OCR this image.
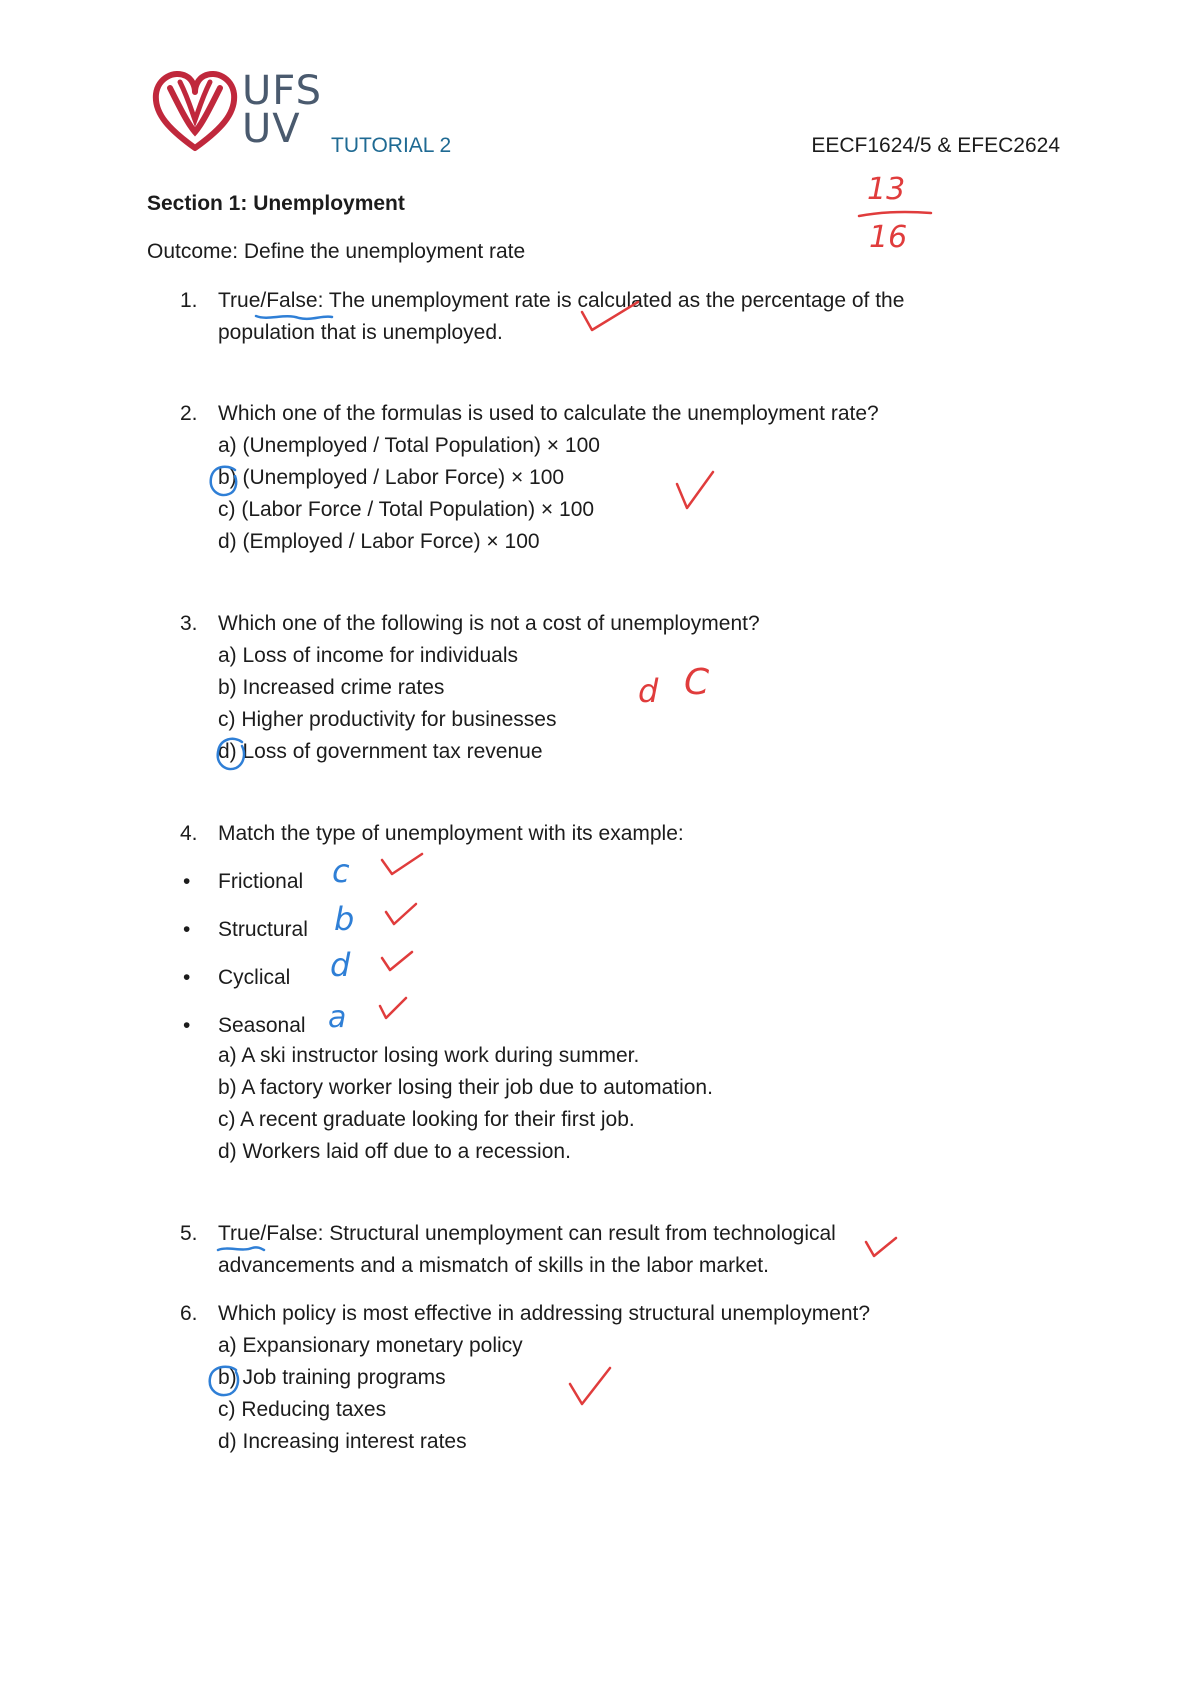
UFS
UV	TUTORIAL 2	EECF1624/5 & EFEC2624
13
16
Section 1: Unemployment
Outcome: Define the unemployment rate
1. True/False: The unemployment rate is calculated as the percentage of the
population that is unemployed.
2. Which one of the formulas is used to calculate the unemployment rate?
a) (Unemployed / Total Population) × 100
b) (Unemployed / Labor Force) × 100
c) (Labor Force / Total Population) × 100
d) (Employed / Labor Force) × 100
3. Which one of the following is not a cost of unemployment?
a) Loss of income for individuals
b) Increased crime rates
c) Higher productivity for businesses
d) Loss of government tax revenue
d C
4. Match the type of unemployment with its example:
• Frictional
• Structural
• Cyclical
• Seasonal
c
b
d
a
a) A ski instructor losing work during summer.
b) A factory worker losing their job due to automation.
c) A recent graduate looking for their first job.
d) Workers laid off due to a recession.
5. True/False: Structural unemployment can result from technological
advancements and a mismatch of skills in the labor market.
6. Which policy is most effective in addressing structural unemployment?
a) Expansionary monetary policy
b) Job training programs
c) Reducing taxes
d) Increasing interest rates
